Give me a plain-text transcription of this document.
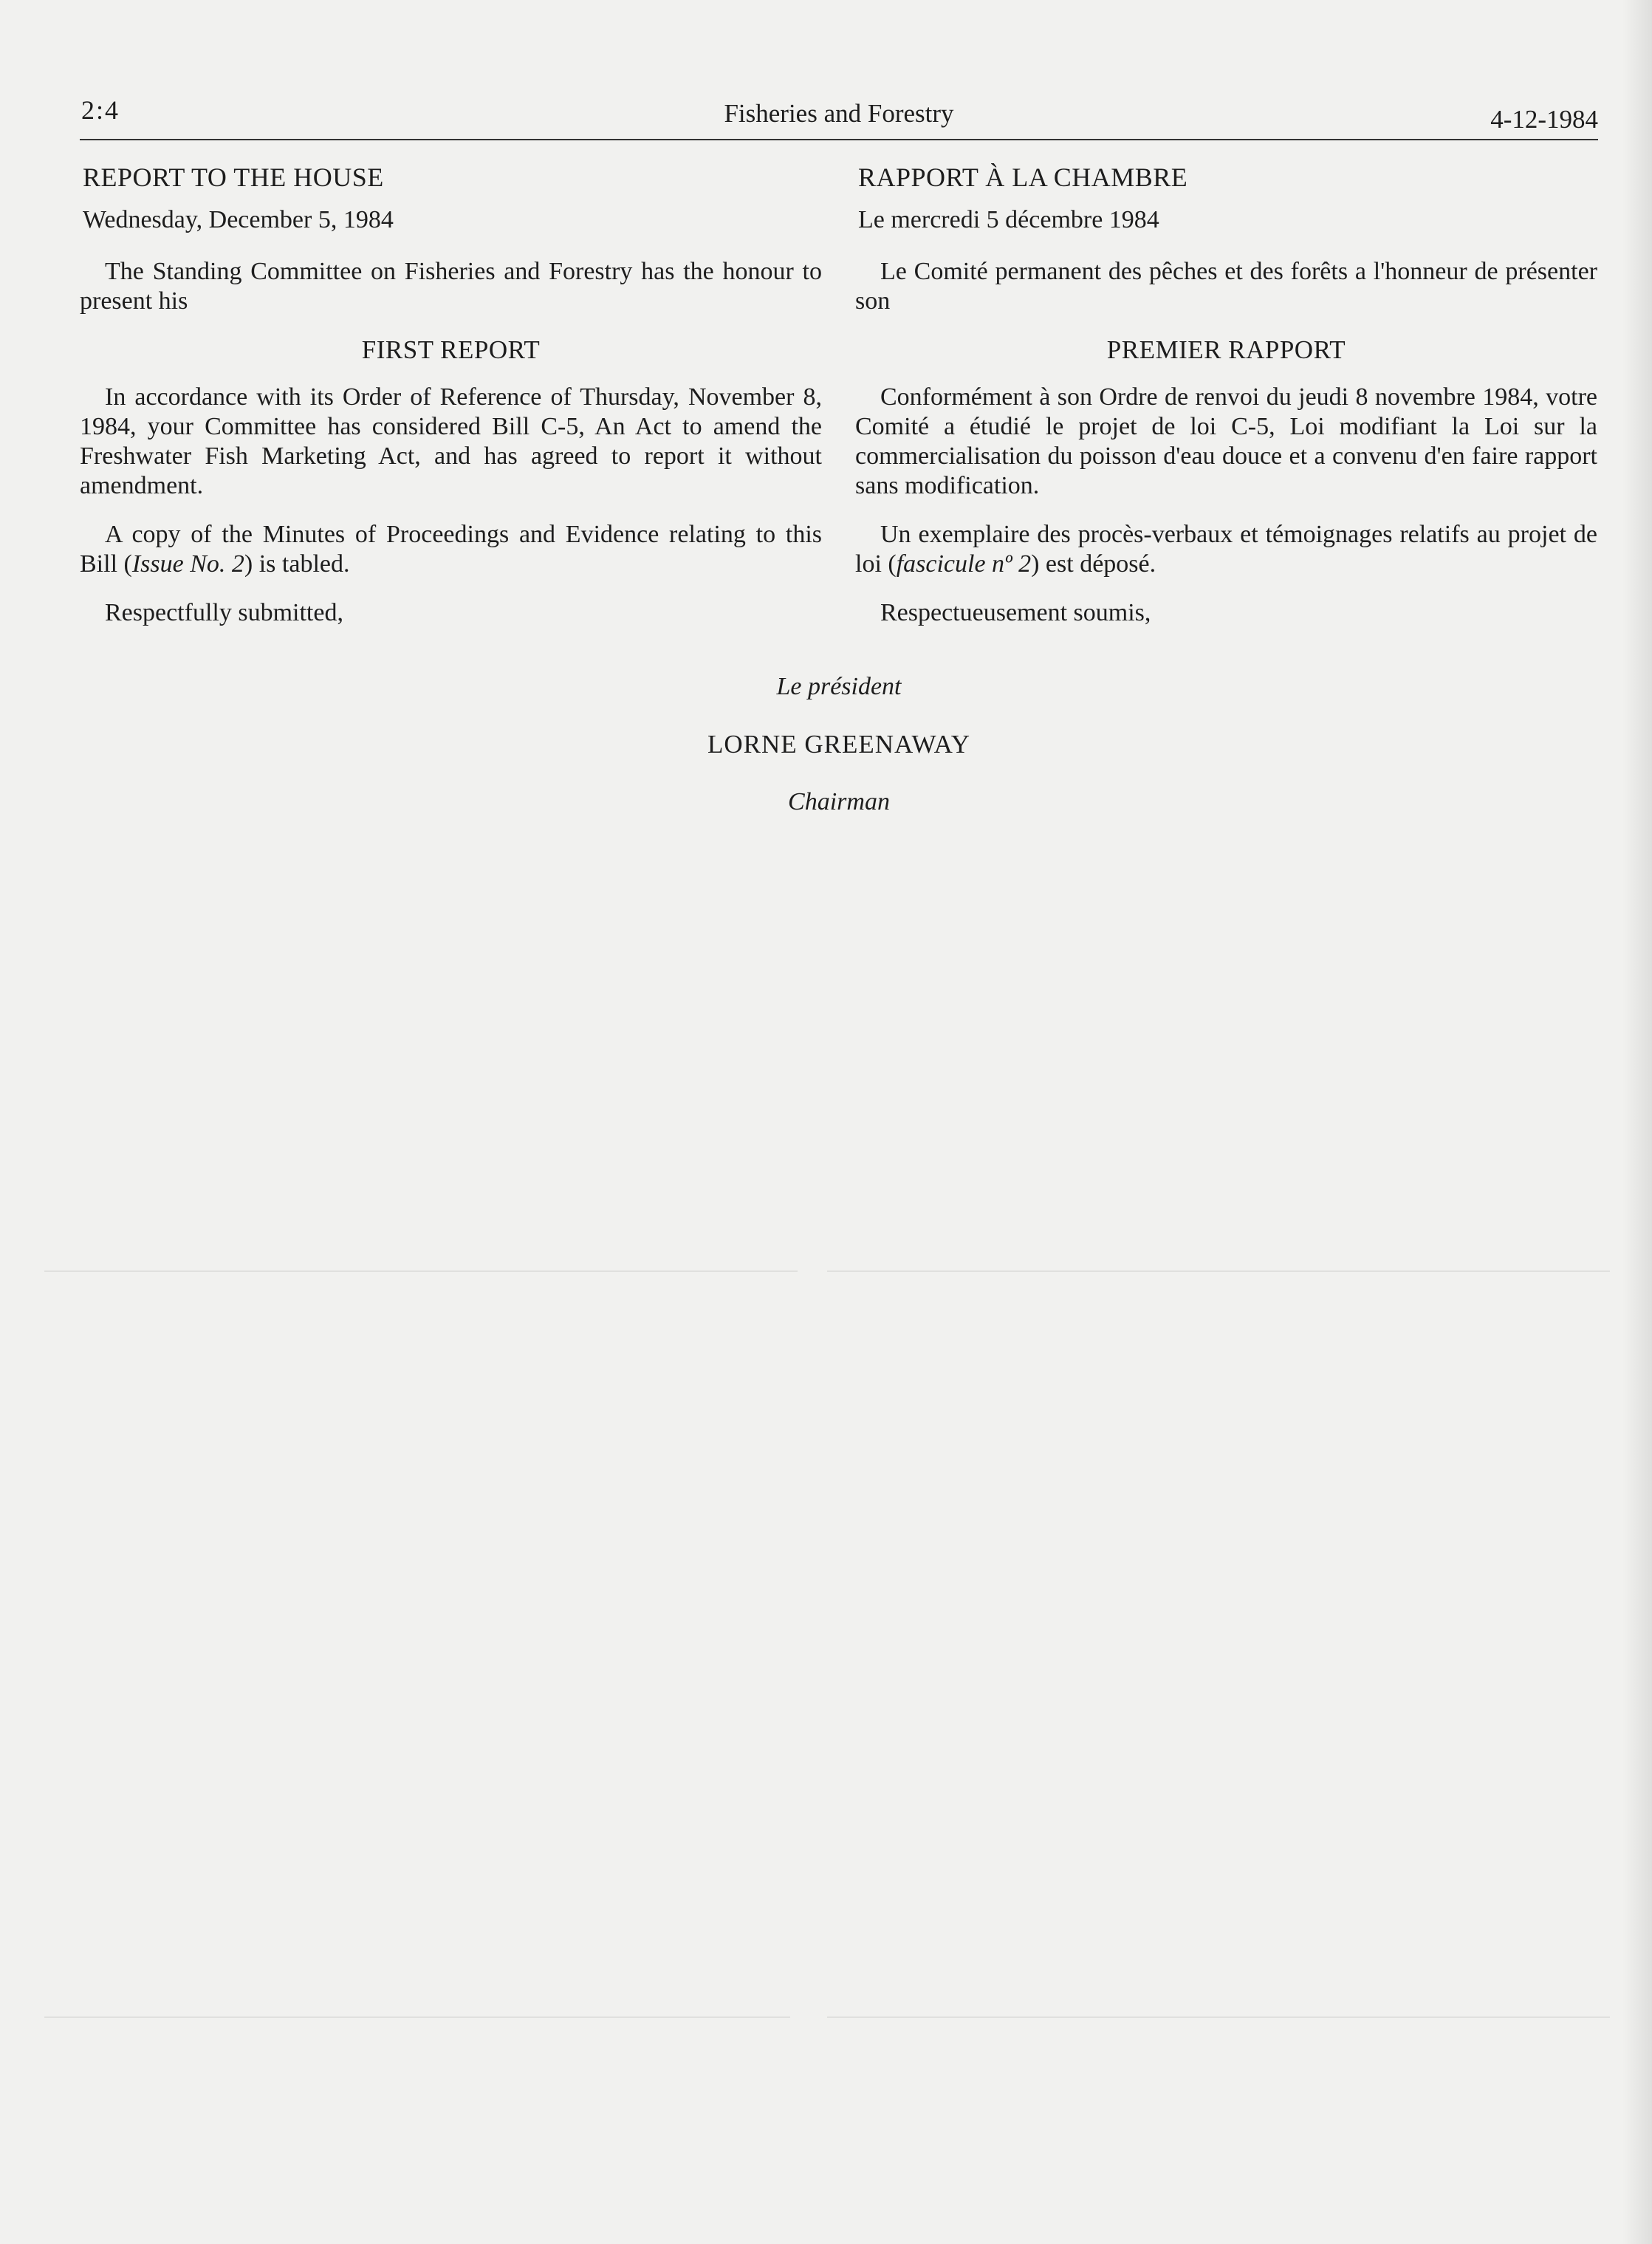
2:4	Fisheries and Forestry	4-12-1984
REPORT TO THE HOUSE
Wednesday, December 5, 1984

The Standing Committee on Fisheries and Forestry has the honour to present his

FIRST REPORT

In accordance with its Order of Reference of Thursday, November 8, 1984, your Committee has considered Bill C-5, An Act to amend the Freshwater Fish Marketing Act, and has agreed to report it without amendment.

A copy of the Minutes of Proceedings and Evidence relating to this Bill (Issue No. 2) is tabled.

Respectfully submitted,

RAPPORT À LA CHAMBRE
Le mercredi 5 décembre 1984

Le Comité permanent des pêches et des forêts a l'honneur de présenter son

PREMIER RAPPORT

Conformément à son Ordre de renvoi du jeudi 8 novembre 1984, votre Comité a étudié le projet de loi C-5, Loi modifiant la Loi sur la commercialisation du poisson d'eau douce et a convenu d'en faire rapport sans modification.

Un exemplaire des procès-verbaux et témoignages relatifs au projet de loi (fascicule nº 2) est déposé.

Respectueusement soumis,

Le président
LORNE GREENAWAY
Chairman
